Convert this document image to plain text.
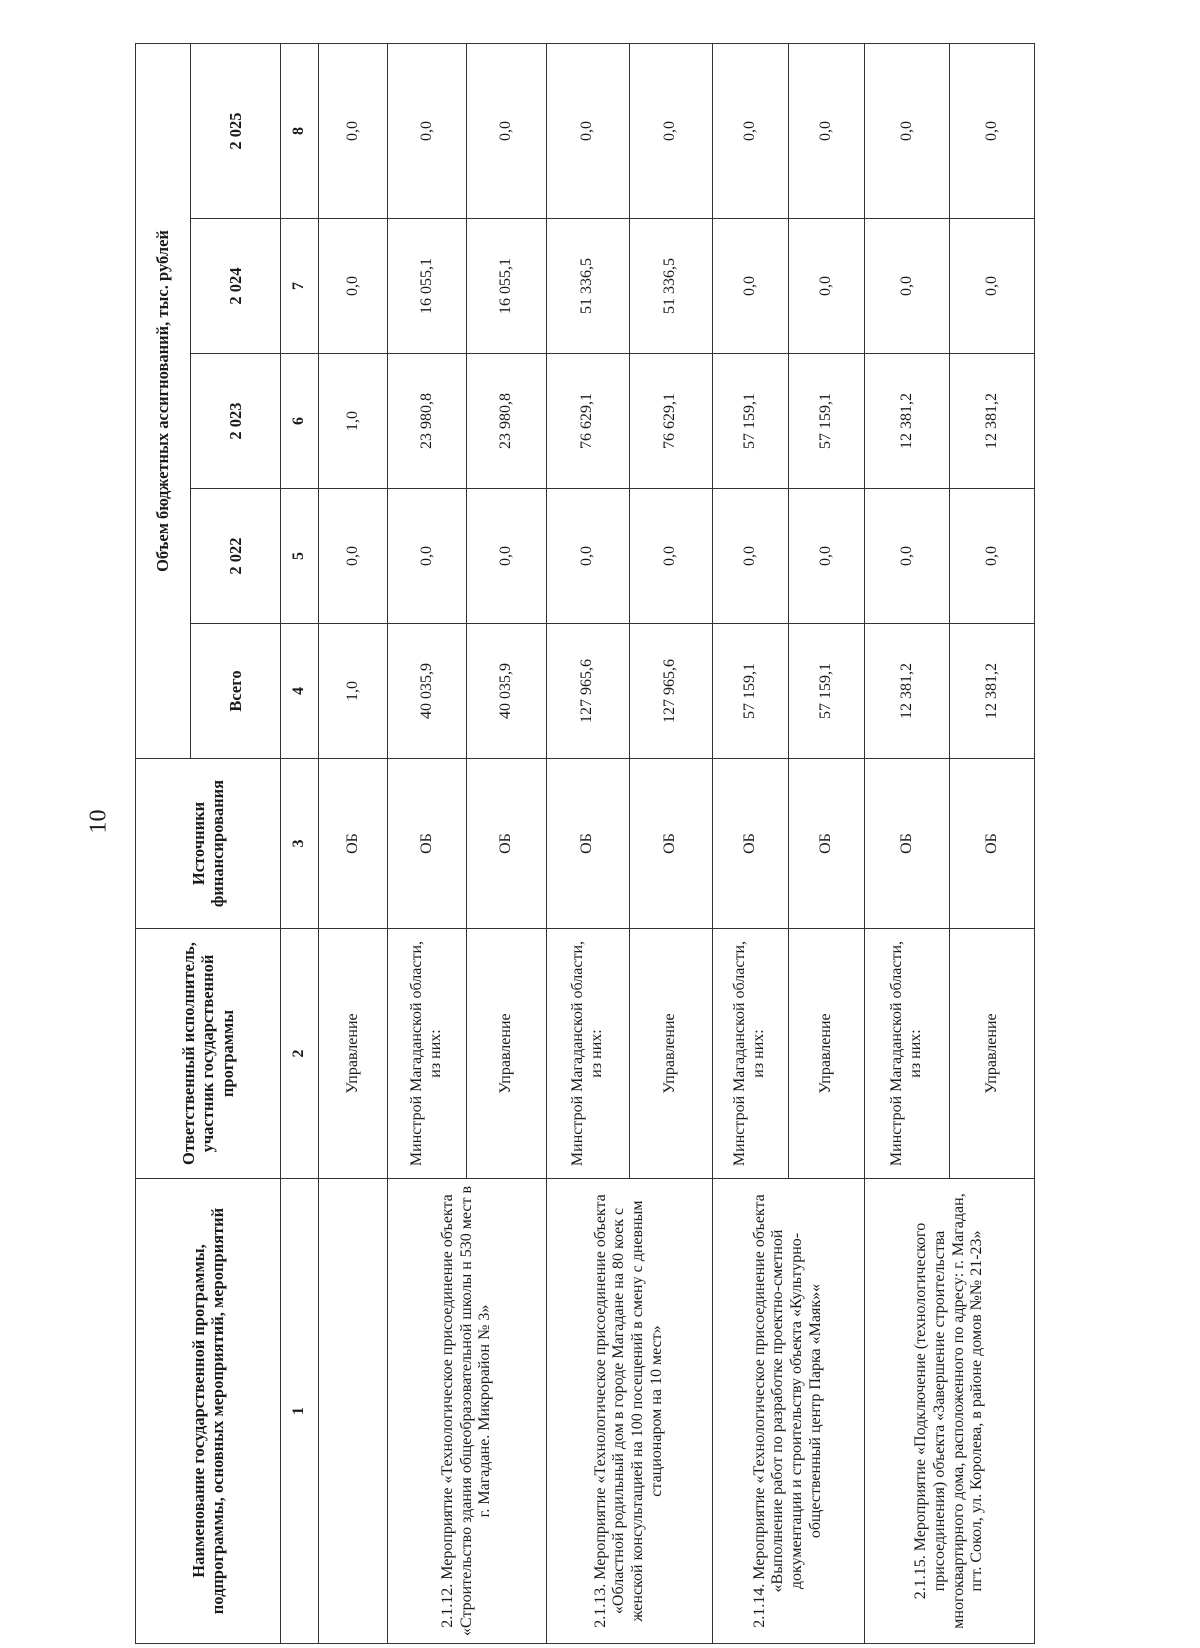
10
Наименование государственной программы, подпрограммы, основных мероприятий, мероприятий	Ответственный исполнитель, участник государственной программы	Источники финансирования	Объем бюджетных ассигнований, тыс. рублей				
			Всего	2 022	2 023	2 024	2 025
1	2	3	4	5	6	7	8
	Управление	ОБ	1,0	0,0	1,0	0,0	0,0
2.1.12. Мероприятие «Технологическое присоединение объекта «Строительство здания общеобразовательной школы н 530 мест в г. Магадане. Микрорайон № 3»	Минстрой Магаданской области, из них:	ОБ	40 035,9	0,0	23 980,8	16 055,1	0,0
	Управление	ОБ	40 035,9	0,0	23 980,8	16 055,1	0,0
2.1.13. Мероприятие «Технологическое присоединение объекта «Областной родильный дом в городе Магадане на 80 коек с женской консультацией на 100 посещений в смену с дневным стационаром на 10 мест»	Минстрой Магаданской области, из них:	ОБ	127 965,6	0,0	76 629,1	51 336,5	0,0
	Управление	ОБ	127 965,6	0,0	76 629,1	51 336,5	0,0
2.1.14. Мероприятие «Технологическое присоединение объекта «Выполнение работ по разработке проектно-сметной документации и строительству объекта «Культурно-общественный центр Парка «Маяк»«	Минстрой Магаданской области, из них:	ОБ	57 159,1	0,0	57 159,1	0,0	0,0
	Управление	ОБ	57 159,1	0,0	57 159,1	0,0	0,0
2.1.15. Мероприятие «Подключение (технологического присоединения) объекта «Завершение строительства многоквартирного дома, расположенного по адресу: г. Магадан, пгт. Сокол, ул. Королева, в районе домов №№ 21-23»	Минстрой Магаданской области, из них:	ОБ	12 381,2	0,0	12 381,2	0,0	0,0
	Управление	ОБ	12 381,2	0,0	12 381,2	0,0	0,0
